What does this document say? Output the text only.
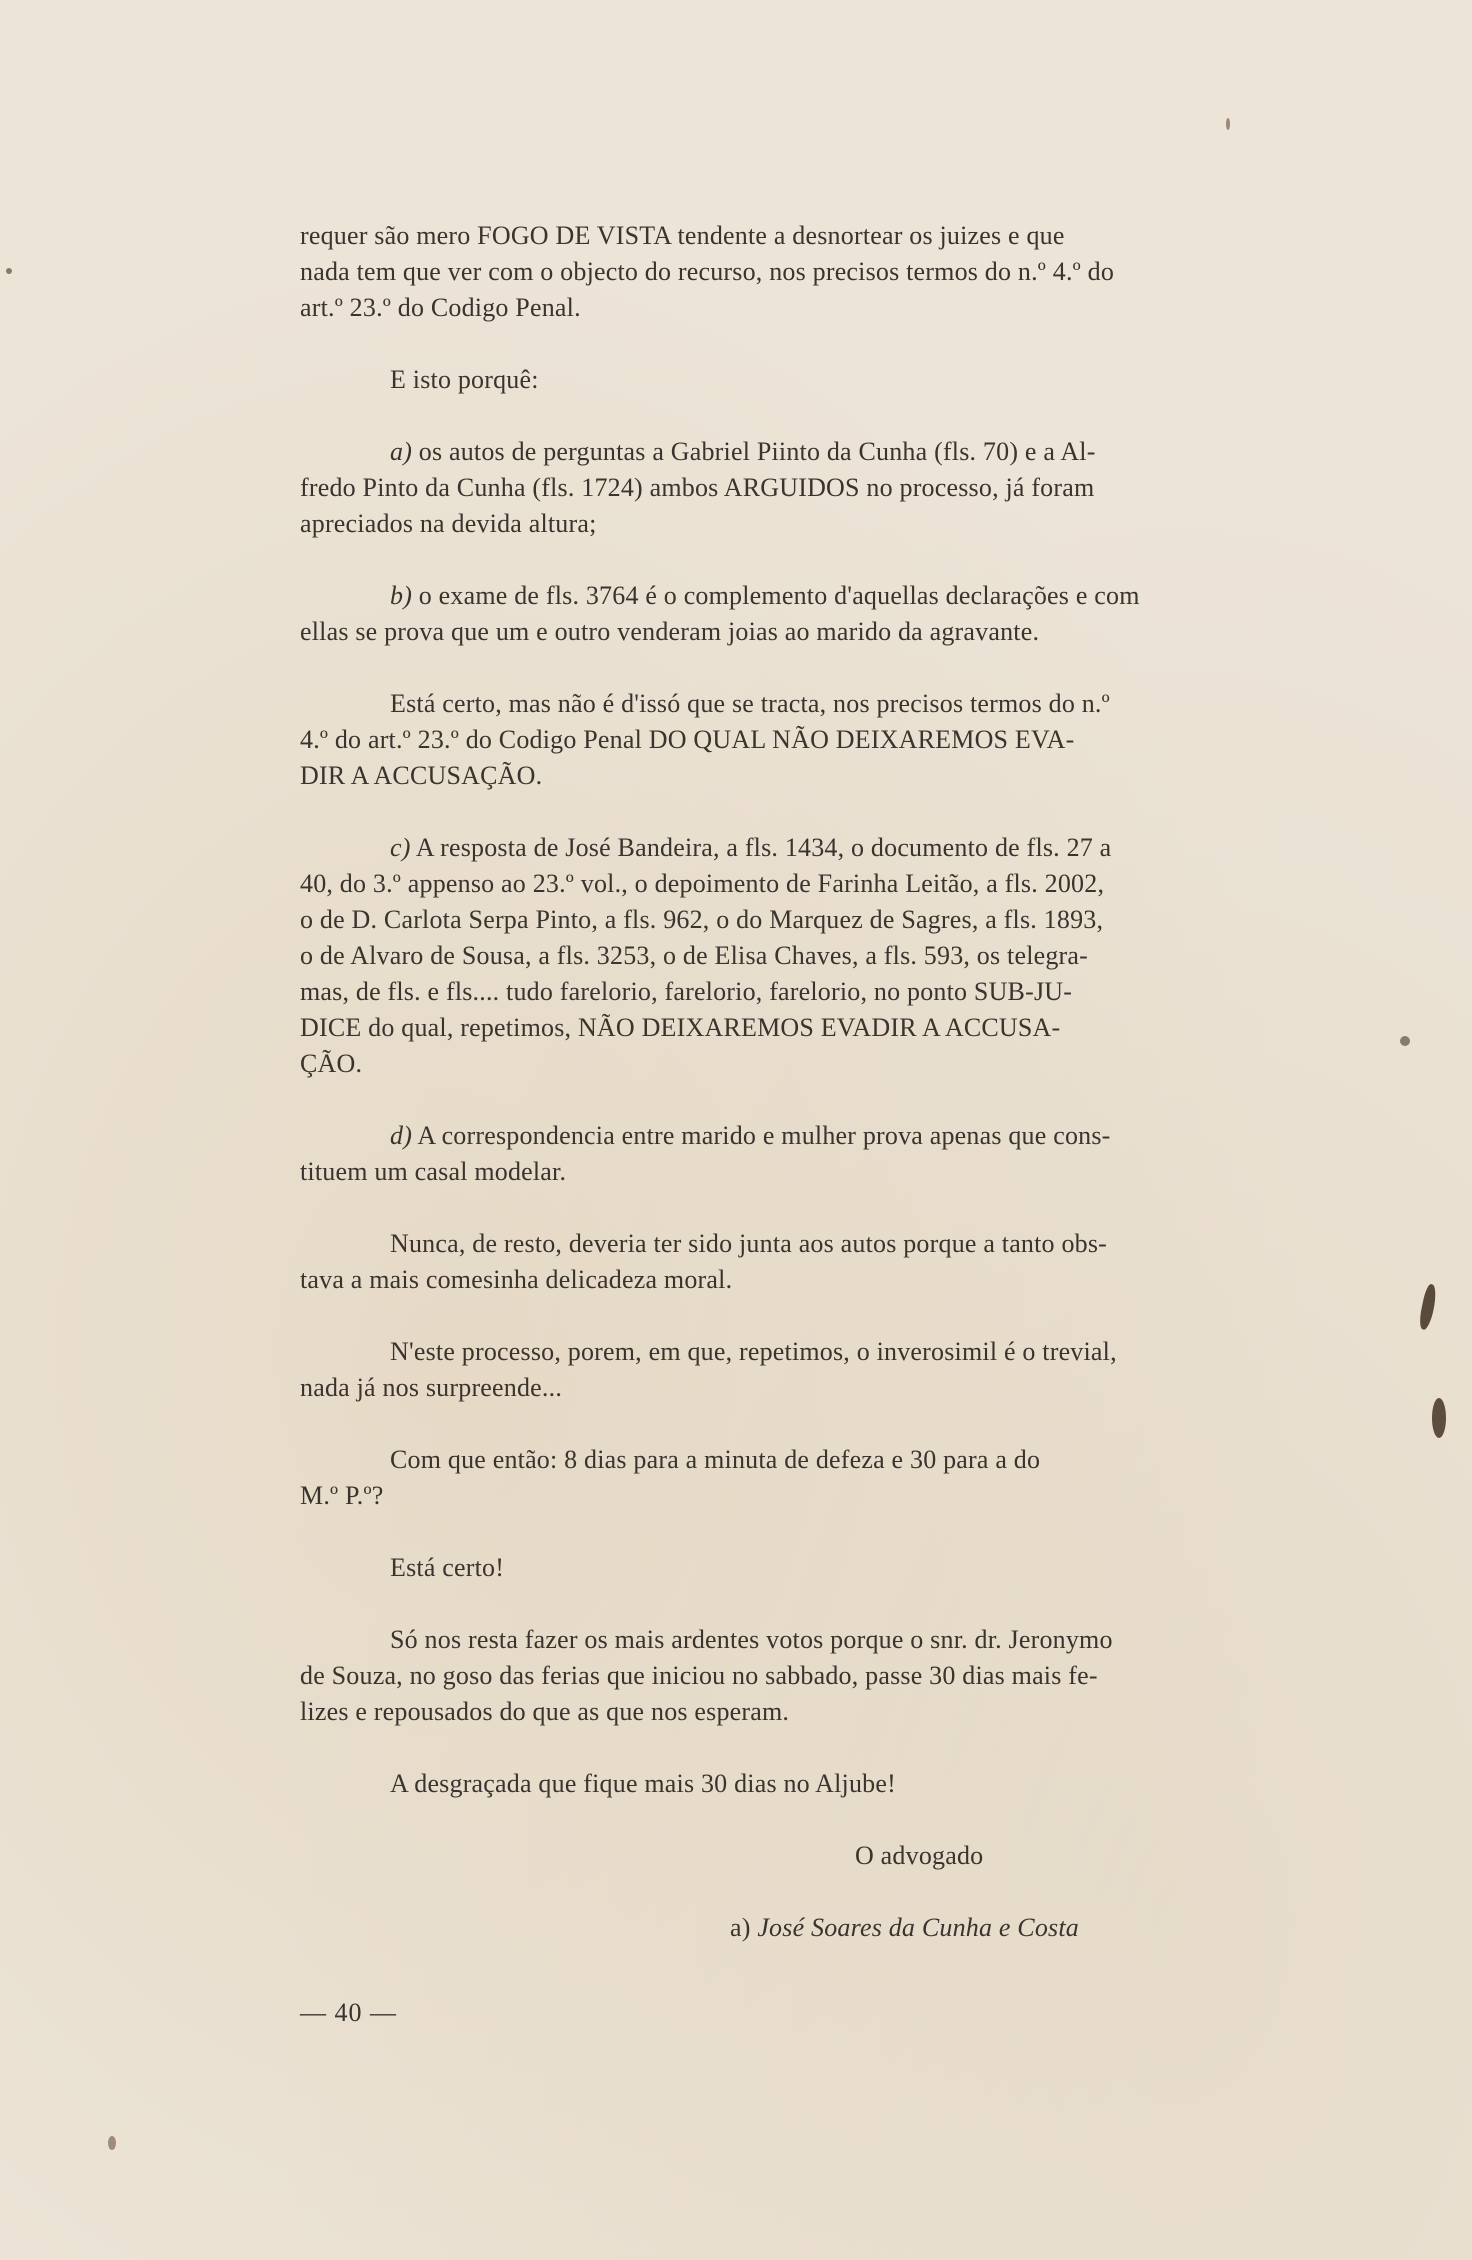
requer são mero FOGO DE VISTA tendente a desnortear os juizes e que
nada tem que ver com o objecto do recurso, nos precisos termos do n.º 4.º do
art.º 23.º do Codigo Penal.

E isto porquê:

a) os autos de perguntas a Gabriel Piinto da Cunha (fls. 70) e a Al-
fredo Pinto da Cunha (fls. 1724) ambos ARGUIDOS no processo, já foram
apreciados na devida altura;

b) o exame de fls. 3764 é o complemento d'aquellas declarações e com
ellas se prova que um e outro venderam joias ao marido da agravante.

Está certo, mas não é d'issó que se tracta, nos precisos termos do n.º
4.º do art.º 23.º do Codigo Penal DO QUAL NÃO DEIXAREMOS EVA-
DIR A ACCUSAÇÃO.

c) A resposta de José Bandeira, a fls. 1434, o documento de fls. 27 a
40, do 3.º appenso ao 23.º vol., o depoimento de Farinha Leitão, a fls. 2002,
o de D. Carlota Serpa Pinto, a fls. 962, o do Marquez de Sagres, a fls. 1893,
o de Alvaro de Sousa, a fls. 3253, o de Elisa Chaves, a fls. 593, os telegra-
mas, de fls. e fls.... tudo farelorio, farelorio, farelorio, no ponto SUB-JU-
DICE do qual, repetimos, NÃO DEIXAREMOS EVADIR A ACCUSA-
ÇÃO.

d) A correspondencia entre marido e mulher prova apenas que cons-
tituem um casal modelar.

Nunca, de resto, deveria ter sido junta aos autos porque a tanto obs-
tava a mais comesinha delicadeza moral.

N'este processo, porem, em que, repetimos, o inverosimil é o trevial,
nada já nos surpreende...

Com que então: 8 dias para a minuta de defeza e 30 para a do
M.º P.º?

Está certo!

Só nos resta fazer os mais ardentes votos porque o snr. dr. Jeronymo
de Souza, no goso das ferias que iniciou no sabbado, passe 30 dias mais fe-
lizes e repousados do que as que nos esperam.

A desgraçada que fique mais 30 dias no Aljube!

O advogado

a) José Soares da Cunha e Costa

— 40 —
